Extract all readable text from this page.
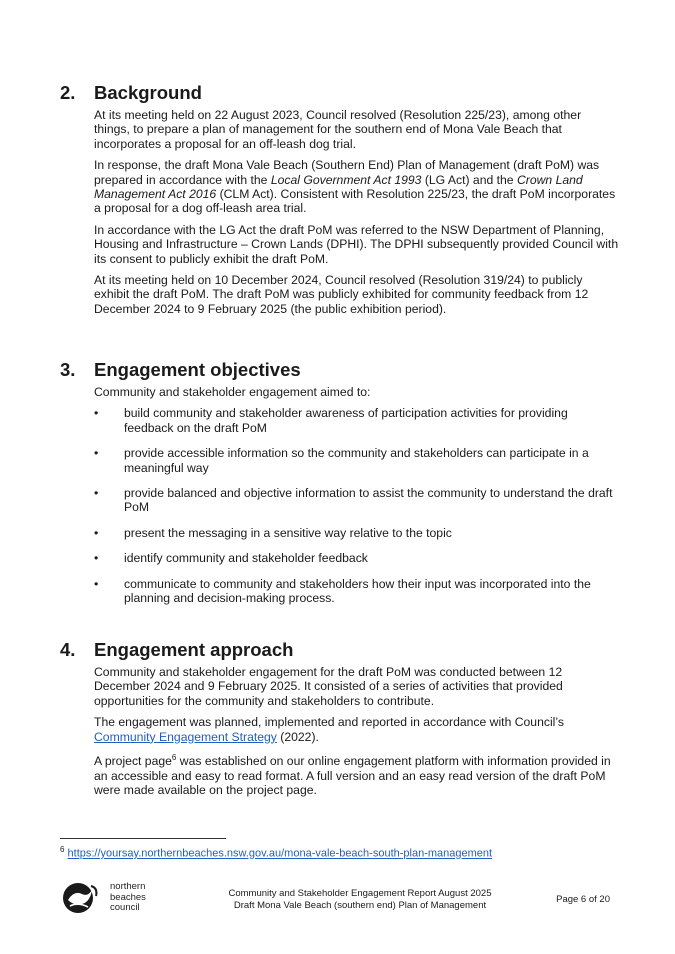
2. Background

At its meeting held on 22 August 2023, Council resolved (Resolution 225/23), among other things, to prepare a plan of management for the southern end of Mona Vale Beach that incorporates a proposal for an off-leash dog trial.

In response, the draft Mona Vale Beach (Southern End) Plan of Management (draft PoM) was prepared in accordance with the Local Government Act 1993 (LG Act) and the Crown Land Management Act 2016 (CLM Act). Consistent with Resolution 225/23, the draft PoM incorporates a proposal for a dog off-leash area trial.

In accordance with the LG Act the draft PoM was referred to the NSW Department of Planning, Housing and Infrastructure – Crown Lands (DPHI). The DPHI subsequently provided Council with its consent to publicly exhibit the draft PoM.

At its meeting held on 10 December 2024, Council resolved (Resolution 319/24) to publicly exhibit the draft PoM. The draft PoM was publicly exhibited for community feedback from 12 December 2024 to 9 February 2025 (the public exhibition period).

3. Engagement objectives

Community and stakeholder engagement aimed to:

• build community and stakeholder awareness of participation activities for providing feedback on the draft PoM
• provide accessible information so the community and stakeholders can participate in a meaningful way
• provide balanced and objective information to assist the community to understand the draft PoM
• present the messaging in a sensitive way relative to the topic
• identify community and stakeholder feedback
• communicate to community and stakeholders how their input was incorporated into the planning and decision-making process.
4. Engagement approach

Community and stakeholder engagement for the draft PoM was conducted between 12 December 2024 and 9 February 2025. It consisted of a series of activities that provided opportunities for the community and stakeholders to contribute.

The engagement was planned, implemented and reported in accordance with Council’s Community Engagement Strategy (2022).

A project page$^6$ was established on our online engagement platform with information provided in an accessible and easy to read format. A full version and an easy read version of the draft PoM were made available on the project page.

$^6$ https://yoursay.northernbeaches.nsw.gov.au/mona-vale-beach-south-plan-management
northern
beaches
council
Community and Stakeholder Engagement Report August 2025
Draft Mona Vale Beach (southern end) Plan of Management
Page 6 of 20
